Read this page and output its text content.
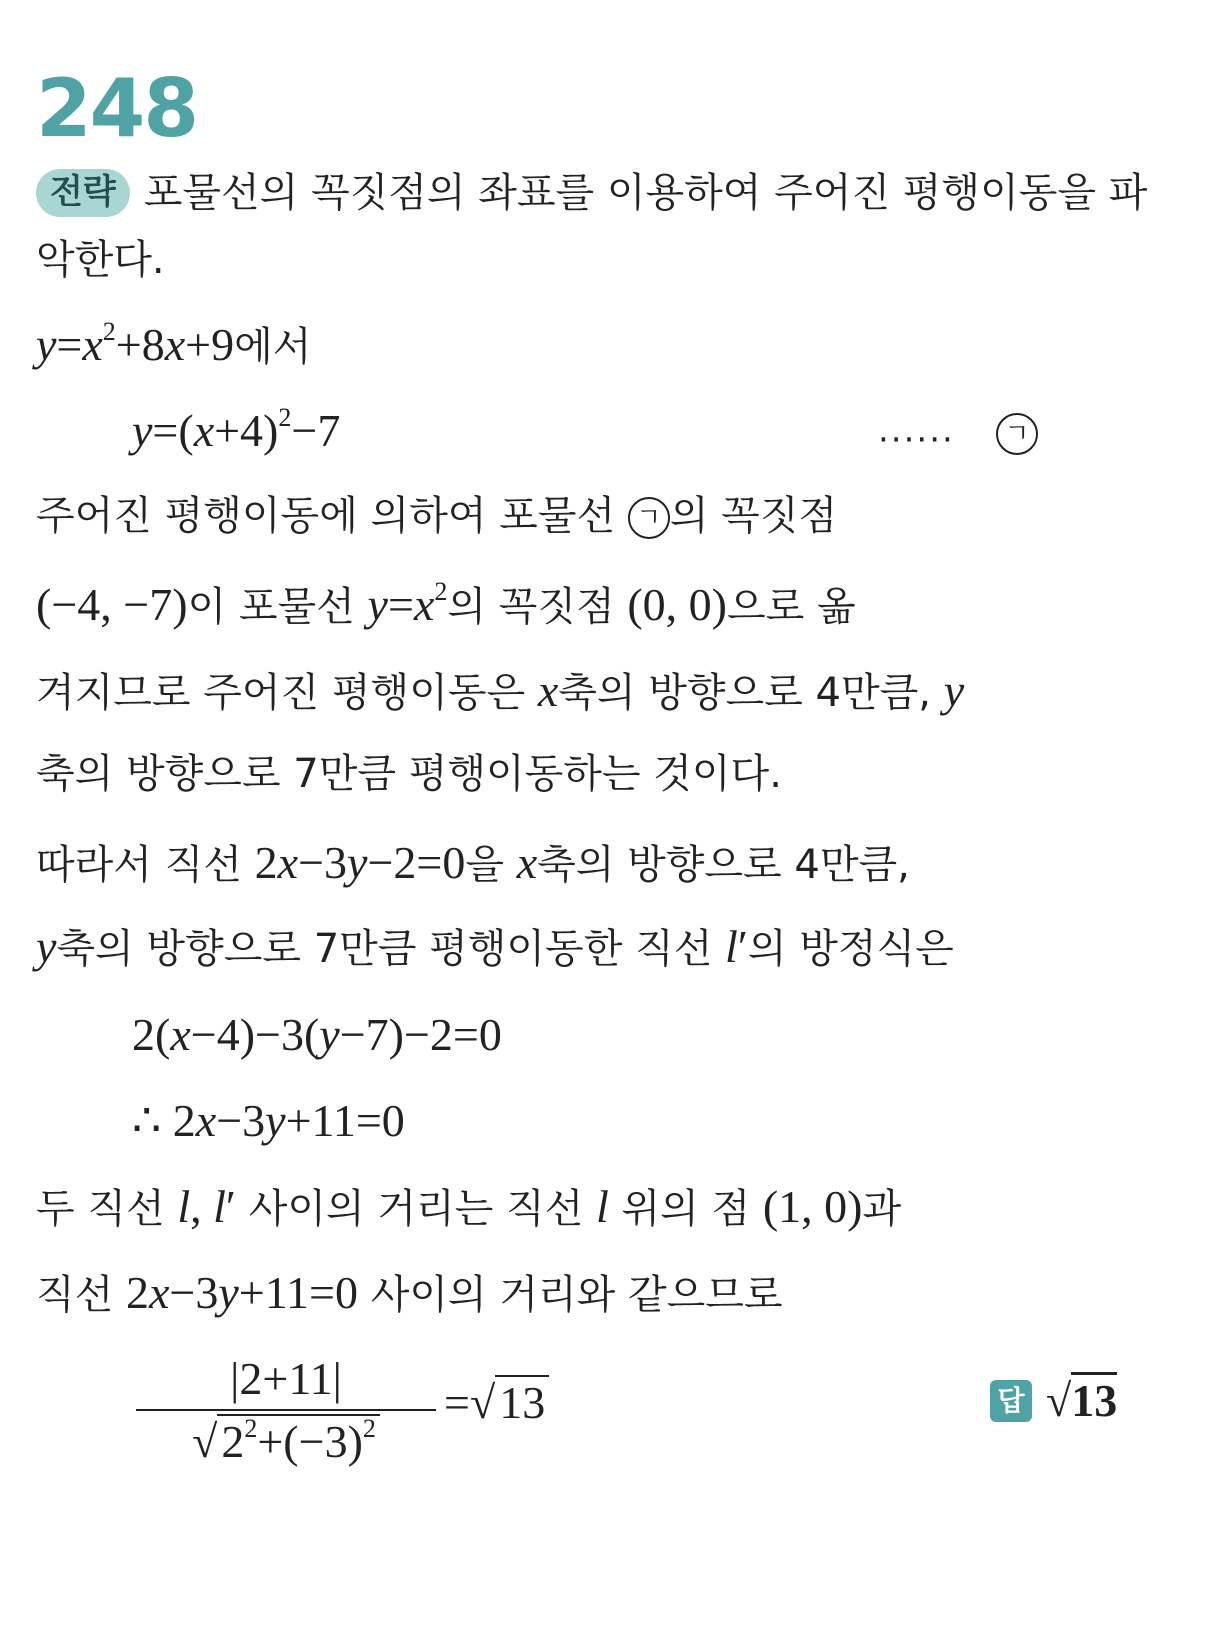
248
전략 포물선의 꼭짓점의 좌표를 이용하여 주어진 평행이동을 파
악한다.
$y=x^2+8x+9$에서
$y=(x+4)^2-7$	······	ㄱ
주어진 평행이동에 의하여 포물선 ㄱ 의 꼭짓점
(−4, −7)이 포물선 $y=x^2$의 꼭짓점 (0, 0)으로 옮
겨지므로 주어진 평행이동은 x축의 방향으로 4만큼, y
축의 방향으로 7만큼 평행이동하는 것이다.
따라서 직선 2x−3y−2=0을 x축의 방향으로 4만큼,
y축의 방향으로 7만큼 평행이동한 직선 l′의 방정식은
2(x−4)−3(y−7)−2=0
∴ 2x−3y+11=0
두 직선 l, l′ 사이의 거리는 직선 l 위의 점 (1, 0)과
직선 2x−3y+11=0 사이의 거리와 같으므로
|2+11|
$√2^2+(-3)^2$
=√13	답 √13
